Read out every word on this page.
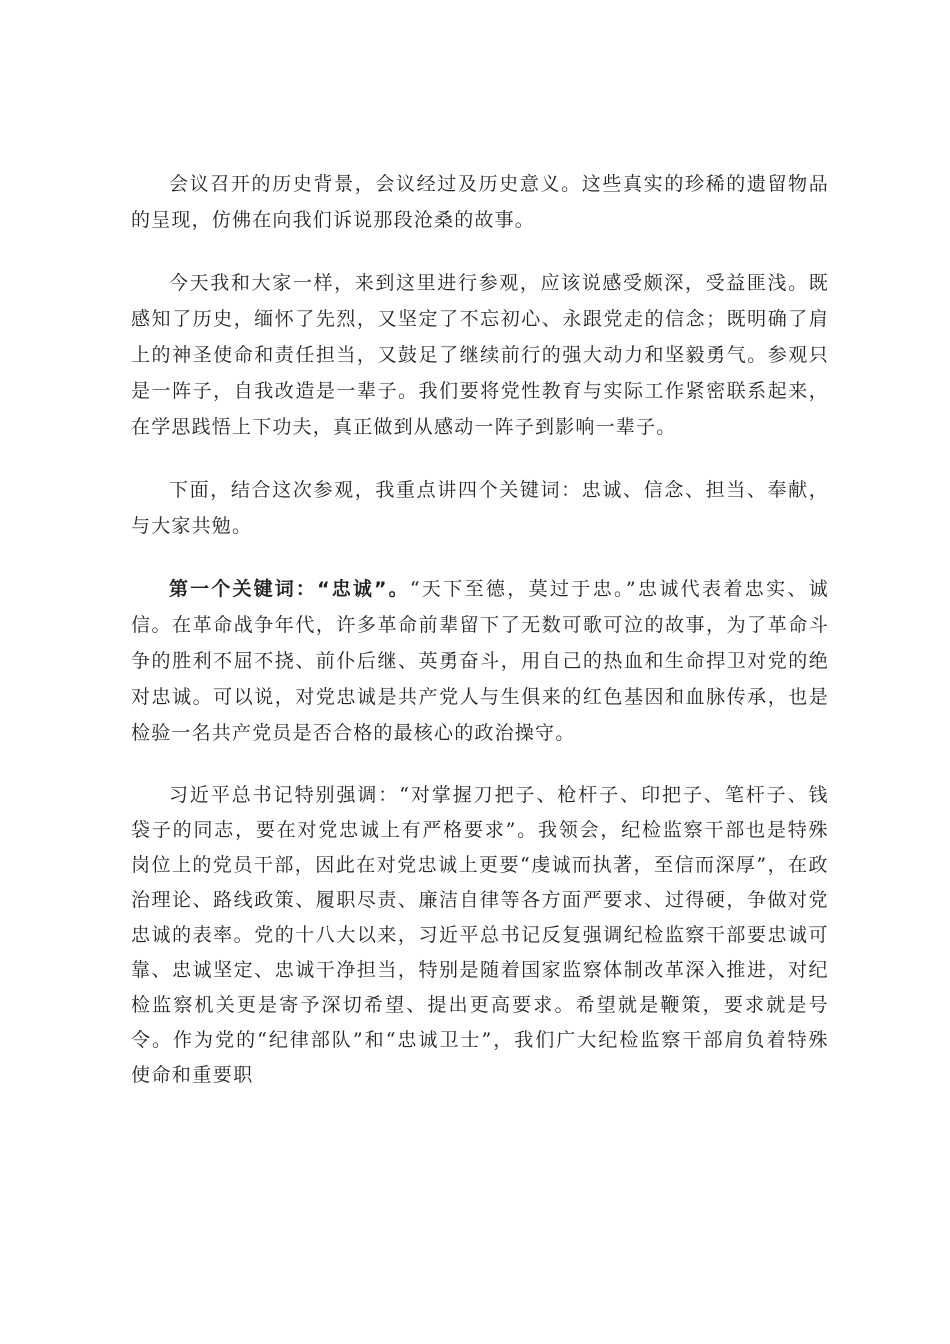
会议召开的历史背景，会议经过及历史意义。这些真实的珍稀的遗留物品的呈现，仿佛在向我们诉说那段沧桑的故事。

今天我和大家一样，来到这里进行参观，应该说感受颇深，受益匪浅。既感知了历史，缅怀了先烈，又坚定了不忘初心、永跟党走的信念；既明确了肩上的神圣使命和责任担当，又鼓足了继续前行的强大动力和坚毅勇气。参观只是一阵子，自我改造是一辈子。我们要将党性教育与实际工作紧密联系起来，在学思践悟上下功夫，真正做到从感动一阵子到影响一辈子。

下面，结合这次参观，我重点讲四个关键词：忠诚、信念、担当、奉献，与大家共勉。

第一个关键词：“忠诚”。“天下至德，莫过于忠。”忠诚代表着忠实、诚信。在革命战争年代，许多革命前辈留下了无数可歌可泣的故事，为了革命斗争的胜利不屈不挠、前仆后继、英勇奋斗，用自己的热血和生命捍卫对党的绝对忠诚。可以说，对党忠诚是共产党人与生俱来的红色基因和血脉传承，也是检验一名共产党员是否合格的最核心的政治操守。

习近平总书记特别强调：“对掌握刀把子、枪杆子、印把子、笔杆子、钱袋子的同志，要在对党忠诚上有严格要求”。我领会，纪检监察干部也是特殊岗位上的党员干部，因此在对党忠诚上更要“虔诚而执著，至信而深厚”，在政治理论、路线政策、履职尽责、廉洁自律等各方面严要求、过得硬，争做对党忠诚的表率。党的十八大以来，习近平总书记反复强调纪检监察干部要忠诚可靠、忠诚坚定、忠诚干净担当，特别是随着国家监察体制改革深入推进，对纪检监察机关更是寄予深切希望、提出更高要求。希望就是鞭策，要求就是号令。作为党的“纪律部队”和“忠诚卫士”，我们广大纪检监察干部肩负着特殊使命和重要职
